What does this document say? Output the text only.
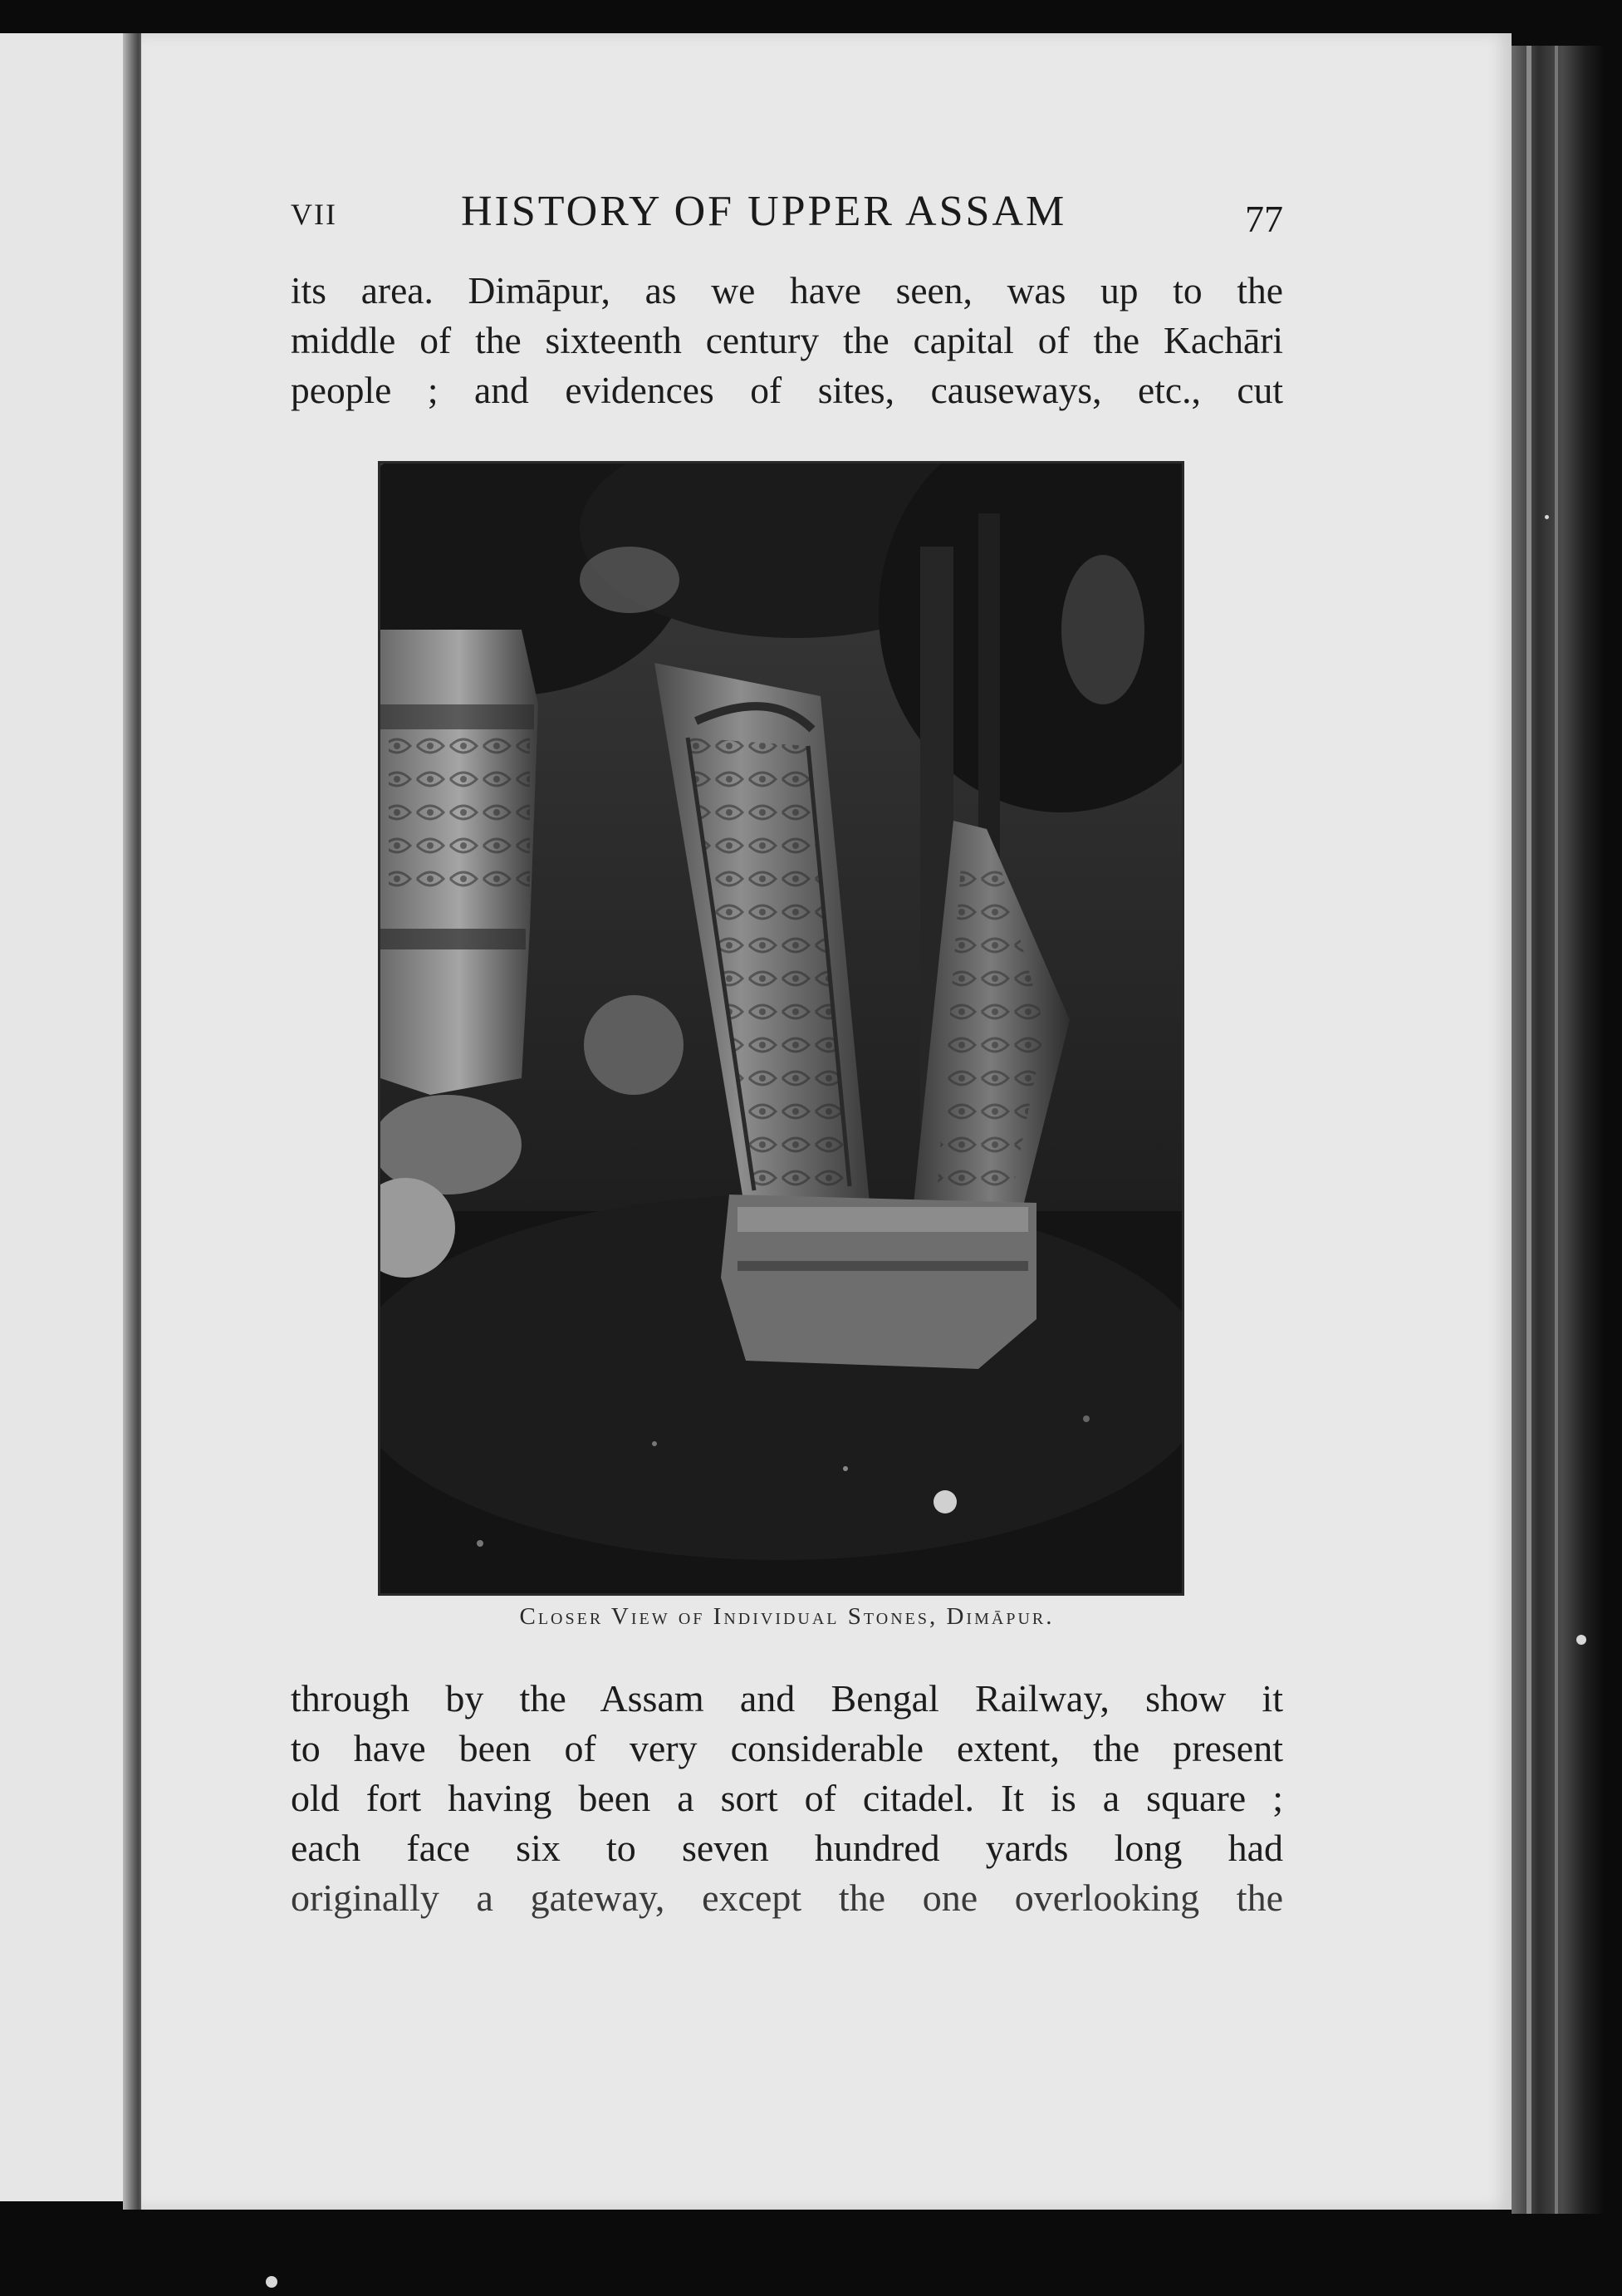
VII	HISTORY OF UPPER ASSAM	77
its area. Dimāpur, as we have seen, was up to the
middle of the sixteenth century the capital of the Kachāri
people ; and evidences of sites, causeways, etc., cut
Closer View of Individual Stones, Dimāpur.
through by the Assam and Bengal Railway, show it
to have been of very considerable extent, the present
old fort having been a sort of citadel. It is a square ;
each face six to seven hundred yards long had
originally a gateway, except the one overlooking the
